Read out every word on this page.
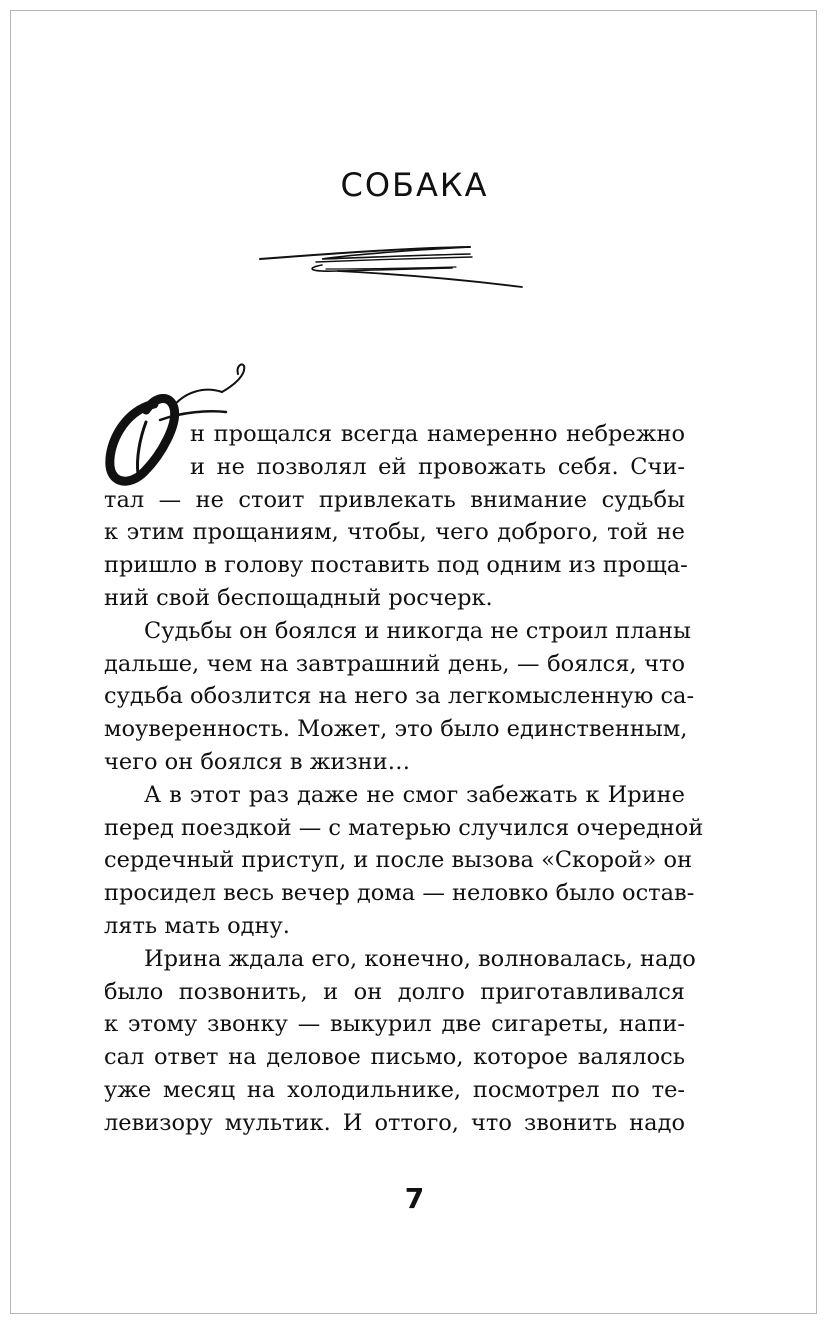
СОБАКА
н прощался всегда намеренно небрежно
и не позволял ей провожать себя. Счи-
тал — не стоит привлекать внимание судьбы
к этим прощаниям, чтобы, чего доброго, той не
пришло в голову поставить под одним из проща-
ний свой беспощадный росчерк.
Судьбы он боялся и никогда не строил планы
дальше, чем на завтрашний день, — боялся, что
судьба обозлится на него за легкомысленную са-
моуверенность. Может, это было единственным,
чего он боялся в жизни…
А в этот раз даже не смог забежать к Ирине
перед поездкой — с матерью случился очередной
сердечный приступ, и после вызова «Скорой» он
просидел весь вечер дома — неловко было остав-
лять мать одну.
Ирина ждала его, конечно, волновалась, надо
было позвонить, и он долго приготавливался
к этому звонку — выкурил две сигареты, напи-
сал ответ на деловое письмо, которое валялось
уже месяц на холодильнике, посмотрел по те-
левизору мультик. И оттого, что звонить надо
7
